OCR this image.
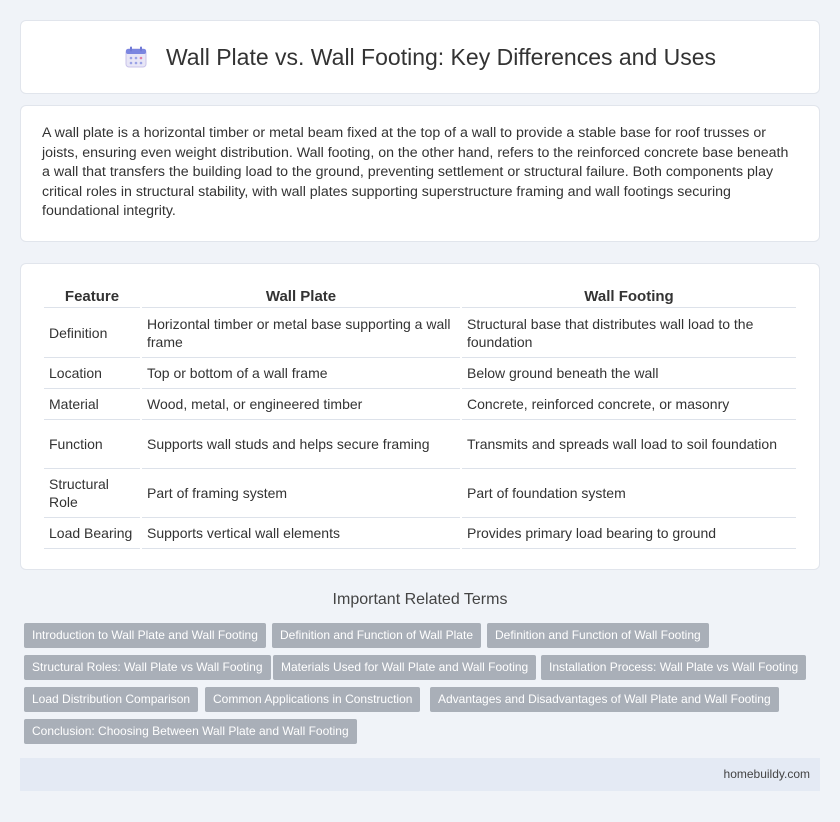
Wall Plate vs. Wall Footing: Key Differences and Uses

A wall plate is a horizontal timber or metal beam fixed at the top of a wall to provide a stable base for roof trusses or joists, ensuring even weight distribution. Wall footing, on the other hand, refers to the reinforced concrete base beneath a wall that transfers the building load to the ground, preventing settlement or structural failure. Both components play critical roles in structural stability, with wall plates supporting superstructure framing and wall footings securing foundational integrity.

Feature	Wall Plate	Wall Footing
Definition	Horizontal timber or metal base supporting a wall frame	Structural base that distributes wall load to the foundation
Location	Top or bottom of a wall frame	Below ground beneath the wall
Material	Wood, metal, or engineered timber	Concrete, reinforced concrete, or masonry
Function	Supports wall studs and helps secure framing	Transmits and spreads wall load to soil foundation
Structural Role	Part of framing system	Part of foundation system
Load Bearing	Supports vertical wall elements	Provides primary load bearing to ground
Important Related Terms
Introduction to Wall Plate and Wall Footing	Definition and Function of Wall Plate	Definition and Function of Wall Footing
Structural Roles: Wall Plate vs Wall Footing	Materials Used for Wall Plate and Wall Footing	Installation Process: Wall Plate vs Wall Footing
Load Distribution Comparison	Common Applications in Construction	Advantages and Disadvantages of Wall Plate and Wall Footing
Conclusion: Choosing Between Wall Plate and Wall Footing
homebuildy.com
